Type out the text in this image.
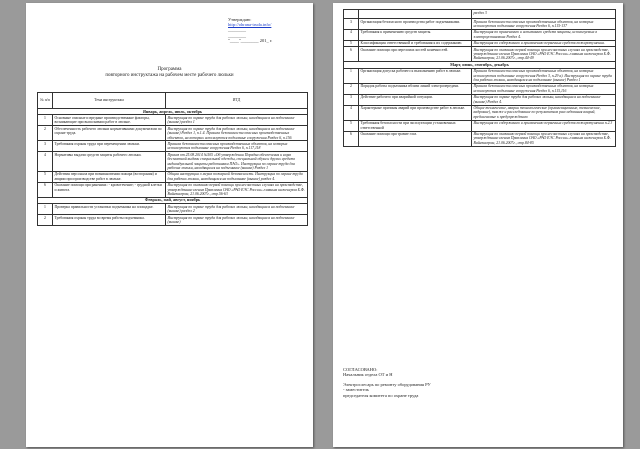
Утверждаю:
http://ohrana-truda.info/
________
________
"____"________ 201_ г.
Программа
повторного инструктажа на рабочем месте рабочего люльки
№ п/п	Тема инструктажа	ИТД
Январь, апрель, июль, октябрь		
1	Основные опасные и вредные производственные факторы, возникающие при выполнении работ в люльке.	Инструкция по охране труда для рабочих люльки, находящихся на подъемнике (вышке) раздел 1
2	Обеспеченность рабочего люльки нормативными документами по охране труда.	Инструкция по охране труда для рабочих люльки, находящихся на подъемнике (вышке) Раздел 1, п.1.4. Правила безопасности опасных производственных объектов, на которых используются подъемные сооружения Раздел 6, п.156
3	Требования охраны труда при перемещении люльки.	Правила безопасности опасных производственных объектов, на которых используются подъемные сооружения Раздел 6, п.117,118
4	Нормативы выдачи средств защиты рабочего люльки.	Приказ от 25.08.2014 №505 «Об утверждении Порядка обеспечения и норм бесплатной выдачи специальной одежды, специальной обуви и других средств индивидуальной защиты работникам ПАО». Инструкция по охране труда для рабочих люльки, находящихся на подъемнике (вышке) Раздел 1
5	Действия персонала при возникновении пожара (возгорания) и аварии при производстве работ в люльке.	Общая инструкция о мерах пожарной безопасности. Инструкция по охране труда для рабочих люльки, находящихся на подъемнике (вышке) раздел 4.
6	Оказание помощи при ранениях: - кровотечение; - грудной клетки и живота.	Инструкция по оказанию первой помощи при несчастных случаях на производстве, утвержденная членом Правления ОАО «РАО ЕЭС России» главным инженером Б.Ф. Вайнзихером, 21.06.2007г., стр.56-63
Февраль, май, август, ноябрь		
1	Проверка правильности установки подъемника на площадке.	Инструкция по охране труда для рабочих люльки, находящихся на подъемнике (вышке) раздел 2
2	Требования охраны труда во время работы подъемника.	Инструкция по охране труда для рабочих люльки, находящихся на подъемнике (вышке)
		раздел 3
3	Организация безопасного производства работ подъемниками.	Правила безопасности опасных производственных объектов, на которых используются подъемные сооружения Раздел 6, п.115-137
4	Требования к применению средств защиты.	Инструкция по применению и испытанию средств защиты, используемых в электроустановках Раздел 4.
5	Классификация ответственной и требования к их содержанию.	Инструкция по содержанию и применению первичных средств пожаротушения.
6	Оказание помощи при переломах костей конечностей.	Инструкция по оказанию первой помощи при несчастных случаях на производстве, утвержденная членом Правления ОАО «РАО ЕЭС России» главным инженером Б.Ф. Вайнзихером, 21.06.2007г., стр.44-49
Март, июнь, сентябрь, декабрь		
1	Организация допуска рабочего к выполнению работ в люльке.	Правила безопасности опасных производственных объектов, на которых используются подъемные сооружения Раздел 3, п.29 а). Инструкция по охране труда для рабочих люльки, находящихся на подъемнике (вышке) Раздел 1
2	Порядок работы подъемника вблизи линий электропередачи.	Правила безопасности опасных производственных объектов, на которых используются подъемные сооружения Раздел 6, п.115,116
3	Действие рабочего при аварийной ситуации.	Инструкция по охране труда для рабочих люльки, находящихся на подъемнике (вышке) Раздел 4.
4	Характерные причины аварий при производстве работ в люльке.	Общие технические, аварии технологические (организационные, технические, кадровые), также и расследование по результатам расследования аварий, предлагаемые к предупреждению
5	Требования безопасности при эксплуатации установочных ответственной	Инструкция по содержанию и применению первичных средств пожаротушения п.2.3
6	Оказание помощи при травме глаз.	Инструкция по оказанию первой помощи при несчастных случаях на производстве, утвержденная членом Правления ОАО «РАО ЕЭС России» главным инженером Б.Ф. Вайнзихером, 21.06.2007г., стр.84-85
СОГЛАСОВАНО:
Начальник отдела ОТ и Н
Электрослесарь по ремонту оборудования РУ
- заместитель
председателя комитета по охране труда
